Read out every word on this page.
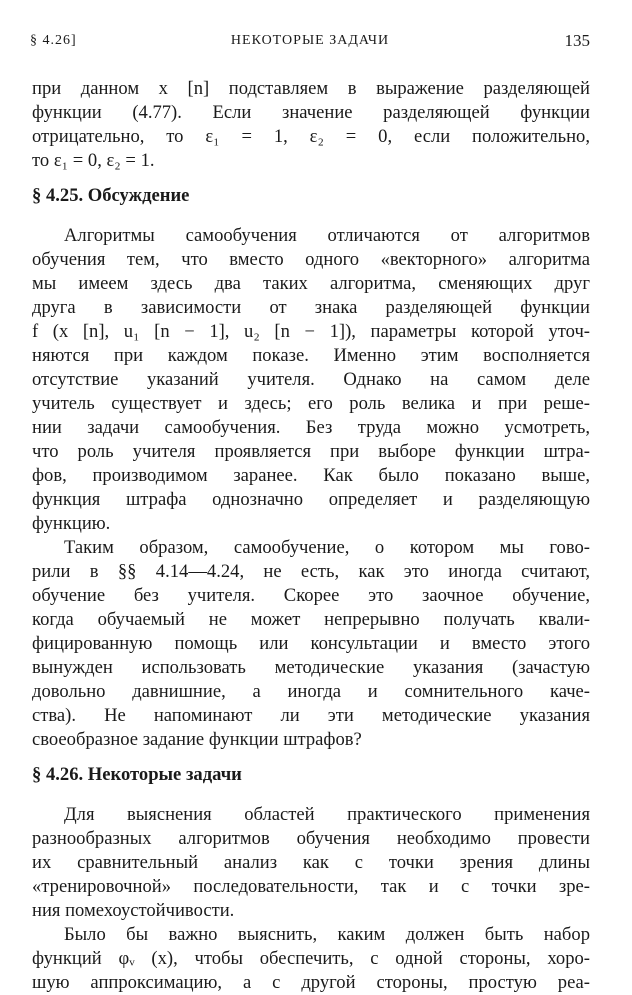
§ 4.26]	НЕКОТОРЫЕ ЗАДАЧИ	135
при данном x [n] подставляем в выражение разделяющей
функции (4.77). Если значение разделяющей функции
отрицательно, то ε₁ = 1, ε₂ = 0, если положительно,
то ε₁ = 0, ε₂ = 1.
§ 4.25. Обсуждение
Алгоритмы самообучения отличаются от алгоритмов
обучения тем, что вместо одного «векторного» алгоритма
мы имеем здесь два таких алгоритма, сменяющих друг
друга в зависимости от знака разделяющей функции
f (x [n], u₁ [n − 1], u₂ [n − 1]), параметры которой уточ-
няются при каждом показе. Именно этим восполняется
отсутствие указаний учителя. Однако на самом деле
учитель существует и здесь; его роль велика и при реше-
нии задачи самообучения. Без труда можно усмотреть,
что роль учителя проявляется при выборе функции штра-
фов, производимом заранее. Как было показано выше,
функция штрафа однозначно определяет и разделяющую
функцию.
Таким образом, самообучение, о котором мы гово-
рили в §§ 4.14—4.24, не есть, как это иногда считают,
обучение без учителя. Скорее это заочное обучение,
когда обучаемый не может непрерывно получать квали-
фицированную помощь или консультации и вместо этого
вынужден использовать методические указания (зачастую
довольно давнишние, а иногда и сомнительного каче-
ства). Не напоминают ли эти методические указания
своеобразное задание функции штрафов?
§ 4.26. Некоторые задачи
Для выяснения областей практического применения
разнообразных алгоритмов обучения необходимо провести
их сравнительный анализ как с точки зрения длины
«тренировочной» последовательности, так и с точки зре-
ния помехоустойчивости.
Было бы важно выяснить, каким должен быть набор
функций φᵥ (x), чтобы обеспечить, с одной стороны, хоро-
шую аппроксимацию, а с другой стороны, простую реа-
